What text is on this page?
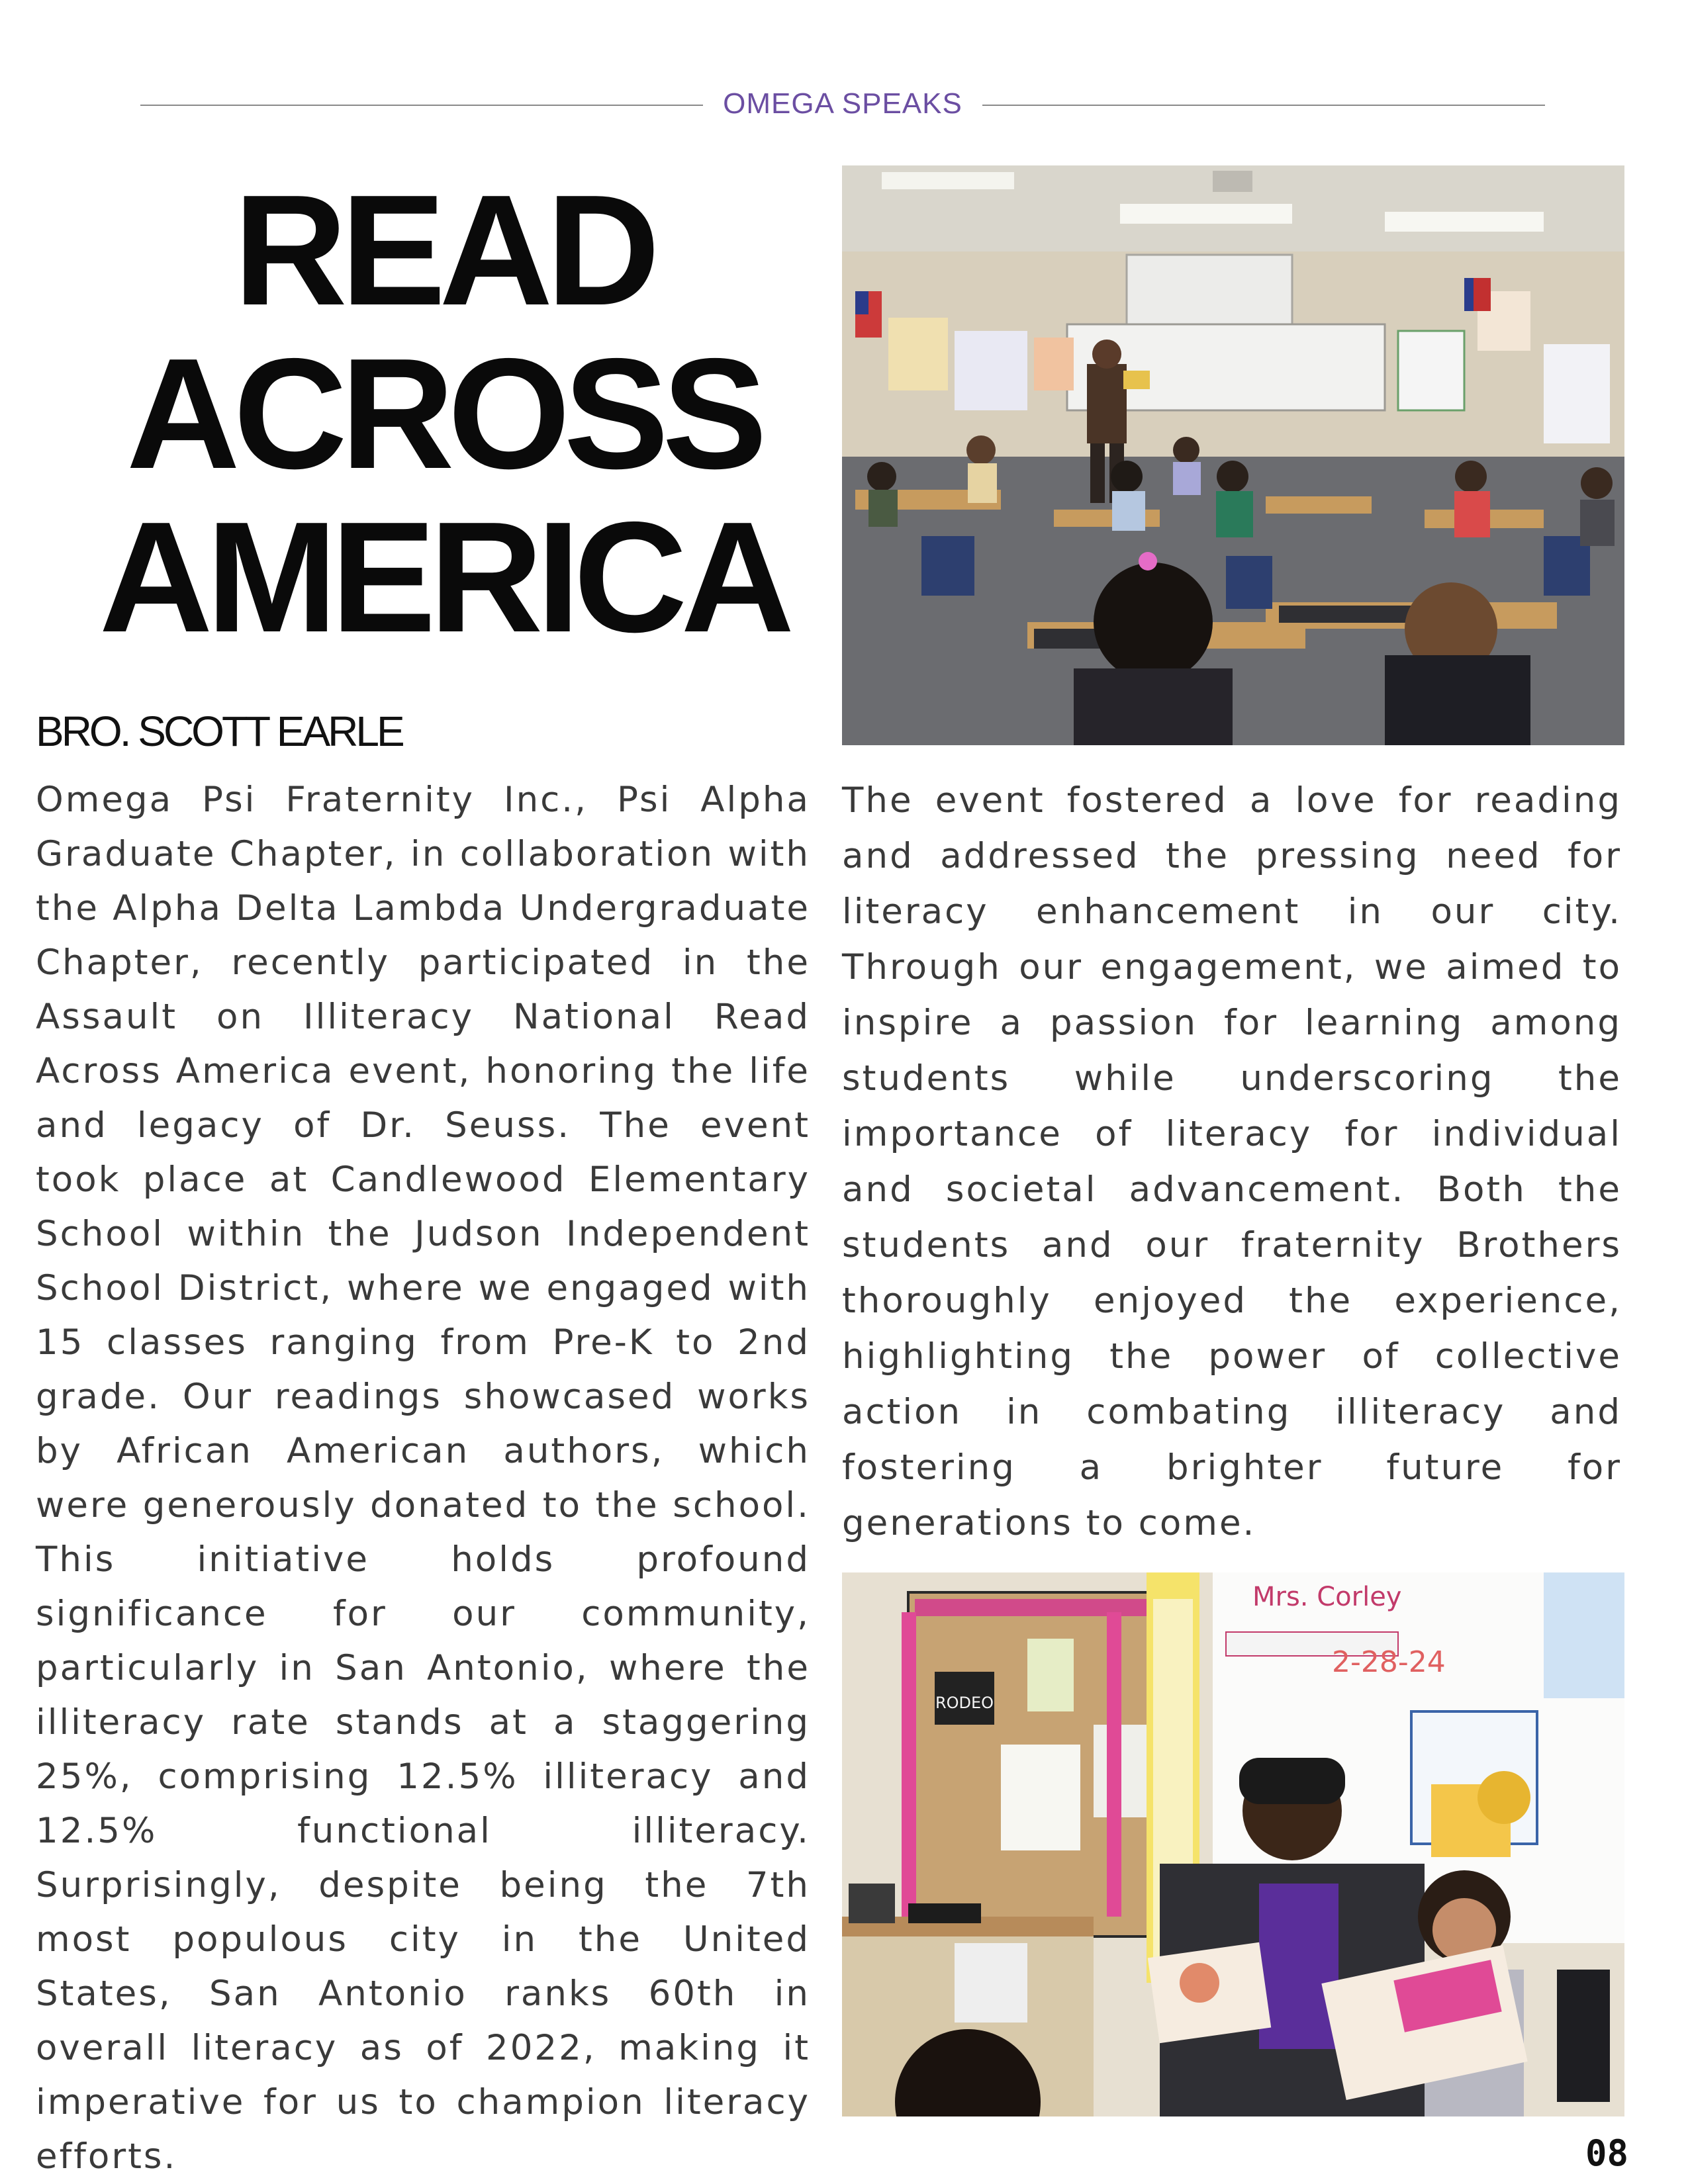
OMEGA SPEAKS
READ
ACROSS
AMERICA
BRO. SCOTT EARLE

Omega Psi Fraternity Inc., Psi Alpha Graduate Chapter, in collaboration with the Alpha Delta Lambda Undergraduate Chapter, recently participated in the Assault on Illiteracy National Read Across America event, honoring the life and legacy of Dr. Seuss. The event took place at Candlewood Elementary School within the Judson Independent School District, where we engaged with 15 classes ranging from Pre-K to 2nd grade. Our readings showcased works by African American authors, which were generously donated to the school. This initiative holds profound significance for our community, particularly in San Antonio, where the illiteracy rate stands at a staggering 25%, comprising 12.5% illiteracy and 12.5% functional illiteracy. Surprisingly, despite being the 7th most populous city in the United States, San Antonio ranks 60th in overall literacy as of 2022, making it imperative for us to champion literacy efforts.

The event fostered a love for reading and addressed the pressing need for literacy enhancement in our city. Through our engagement, we aimed to inspire a passion for learning among students while underscoring the importance of literacy for individual and societal advancement. Both the students and our fraternity Brothers thoroughly enjoyed the experience, highlighting the power of collective action in combating illiteracy and fostering a brighter future for generations to come.

RODEO
Mrs. Corley
2-28-24
08
